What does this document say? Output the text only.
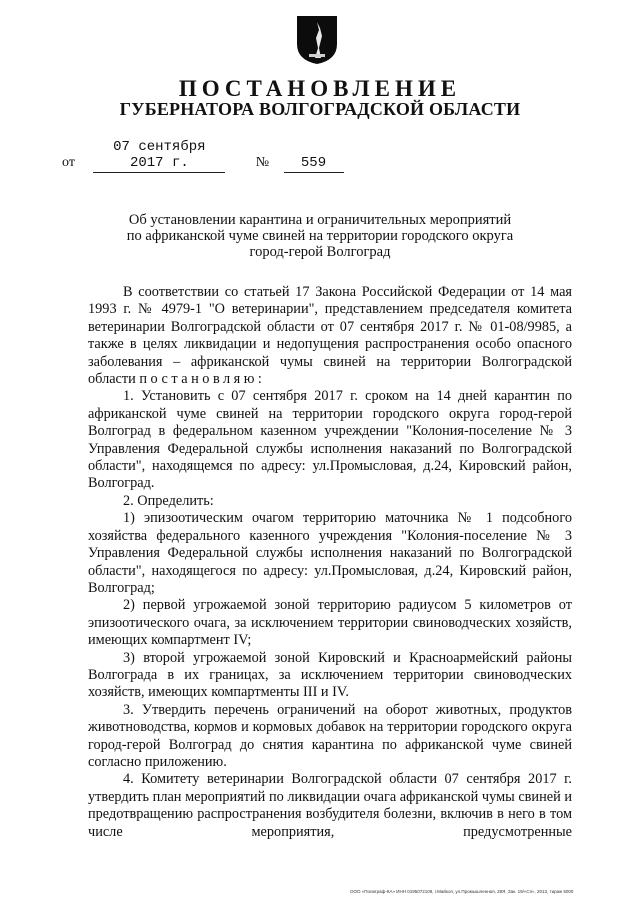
ПОСТАНОВЛЕНИЕ
ГУБЕРНАТОРА ВОЛГОГРАДСКОЙ ОБЛАСТИ
от 07 сентября 2017 г.	№ 559
Об установлении карантина и ограничительных мероприятий
по африканской чуме свиней на территории городского округа
город-герой Волгоград

В соответствии со статьей 17 Закона Российской Федерации от 14 мая 1993 г. № 4979-1 "О ветеринарии", представлением председателя комитета ветеринарии Волгоградской области от 07 сентября 2017 г. № 01-08/9985, а также в целях ликвидации и недопущения распространения особо опасного заболевания – африканской чумы свиней на территории Волгоградской области постановляю:

1. Установить с 07 сентября 2017 г. сроком на 14 дней карантин по африканской чуме свиней на территории городского округа город-герой Волгоград в федеральном казенном учреждении "Колония-поселение № 3 Управления Федеральной службы исполнения наказаний по Волгоградской области", находящемся по адресу: ул.Промысловая, д.24, Кировский район, Волгоград.

2. Определить:

1) эпизоотическим очагом территорию маточника № 1 подсобного хозяйства федерального казенного учреждения "Колония-поселение № 3 Управления Федеральной службы исполнения наказаний по Волгоградской области", находящегося по адресу: ул.Промысловая, д.24, Кировский район, Волгоград;

2) первой угрожаемой зоной территорию радиусом 5 километров от эпизоотического очага, за исключением территории свиноводческих хозяйств, имеющих компартмент IV;

3) второй угрожаемой зоной Кировский и Красноармейский районы Волгограда в их границах, за исключением территории свиноводческих хозяйств, имеющих компартменты III и IV.

3. Утвердить перечень ограничений на оборот животных, продуктов животноводства, кормов и кормовых добавок на территории городского округа город-герой Волгоград до снятия карантина по африканской чуме свиней согласно приложению.

4. Комитету ветеринарии Волгоградской области 07 сентября 2017 г. утвердить план мероприятий по ликвидации очага африканской чумы свиней и предотвращению распространения возбудителя болезни, включив в него в том числе мероприятия, предусмотренные

ООО «Полиграф-КА» ИНН 0195072109, г.Майкоп, ул.Промышленная, 28Я, Зак. 19/«Сп», 2013, тираж 5000
